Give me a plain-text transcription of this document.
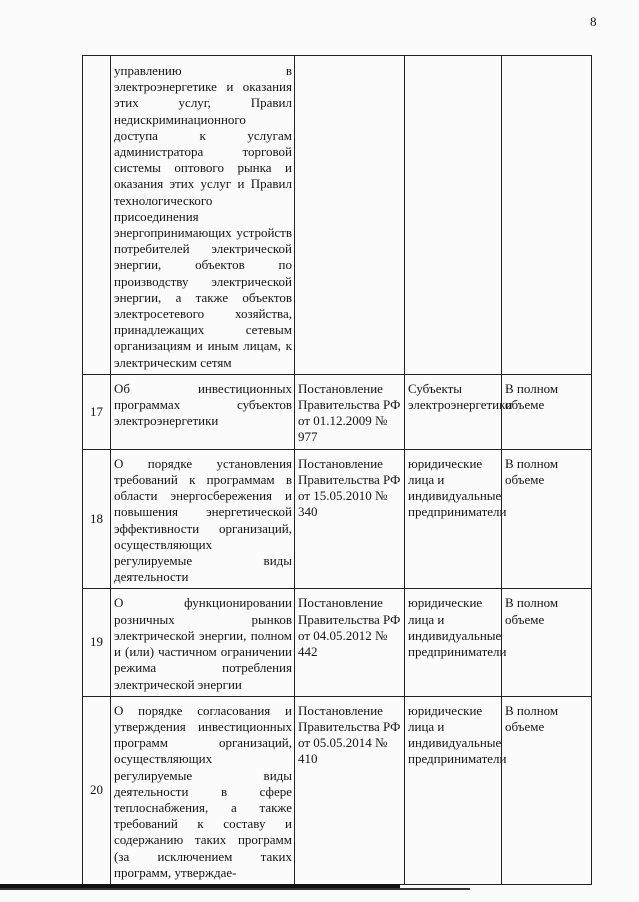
8
	управлению в электроэнергетике и оказания этих услуг, Правил недискриминационного доступа к услугам администратора торговой системы оптового рынка и оказания этих услуг и Правил технологического присоединения энергопринимающих устройств потребителей электрической энергии, объектов по производству электрической энергии, а также объектов электросетевого хозяйства, принадлежащих сетевым организациям и иным лицам, к электрическим сетям			
17	Об инвестиционных программах субъектов электроэнергетики	Постановление Правительства РФ от 01.12.2009 № 977	Субъекты электроэнергетики	В полном объеме
18	О порядке установления требований к программам в области энергосбережения и повышения энергетической эффективности организаций, осуществляющих регулируемые виды деятельности	Постановление Правительства РФ от 15.05.2010 № 340	юридические лица и индивидуальные предприниматели	В полном объеме
19	О функционировании розничных рынков электрической энергии, полном и (или) частичном ограничении режима потребления электрической энергии	Постановление Правительства РФ от 04.05.2012 № 442	юридические лица и индивидуальные предприниматели	В полном объеме
20	О порядке согласования и утверждения инвестиционных программ организаций, осуществляющих регулируемые виды деятельности в сфере теплоснабжения, а также требований к составу и содержанию таких программ (за исключением таких программ, утверждае-	Постановление Правительства РФ от 05.05.2014 № 410	юридические лица и индивидуальные предприниматели	В полном объеме
